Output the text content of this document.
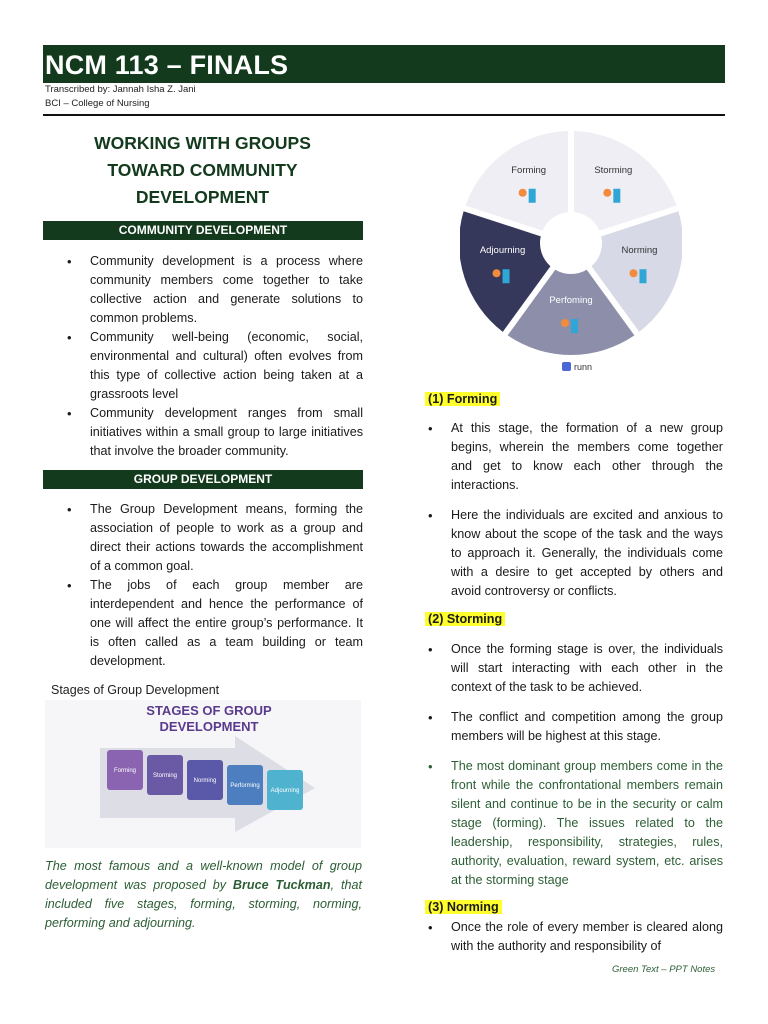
NCM 113 – FINALS
Transcribed by: Jannah Isha Z. Jani
BCI – College of Nursing
WORKING WITH GROUPS TOWARD COMMUNITY DEVELOPMENT
COMMUNITY DEVELOPMENT
• Community development is a process where community members come together to take collective action and generate solutions to common problems.
• Community well-being (economic, social, environmental and cultural) often evolves from this type of collective action being taken at a grassroots level
• Community development ranges from small initiatives within a small group to large initiatives that involve the broader community.
GROUP DEVELOPMENT
• The Group Development means, forming the association of people to work as a group and direct their actions towards the accomplishment of a common goal.
• The jobs of each group member are interdependent and hence the performance of one will affect the entire group’s performance. It is often called as a team building or team development.
Stages of Group Development
STAGES OF GROUP
DEVELOPMENT
Forming
Storming
Norming
Performing
Adjourning
The most famous and a well-known model of group development was proposed by Bruce Tuckman, that included five stages, forming, storming, norming, performing and adjourning.
Forming	Storming
Norming
Perfoming
Adjourning
runn
(1) Forming
• At this stage, the formation of a new group begins, wherein the members come together and get to know each other through the interactions.
• Here the individuals are excited and anxious to know about the scope of the task and the ways to approach it. Generally, the individuals come with a desire to get accepted by others and avoid controversy or conflicts.
(2) Storming
• Once the forming stage is over, the individuals will start interacting with each other in the context of the task to be achieved.
• The conflict and competition among the group members will be highest at this stage.
• The most dominant group members come in the front while the confrontational members remain silent and continue to be in the security or calm stage (forming). The issues related to the leadership, responsibility, strategies, rules, authority, evaluation, reward system, etc. arises at the storming stage
(3) Norming
• Once the role of every member is cleared along with the authority and responsibility of
Green Text – PPT Notes
